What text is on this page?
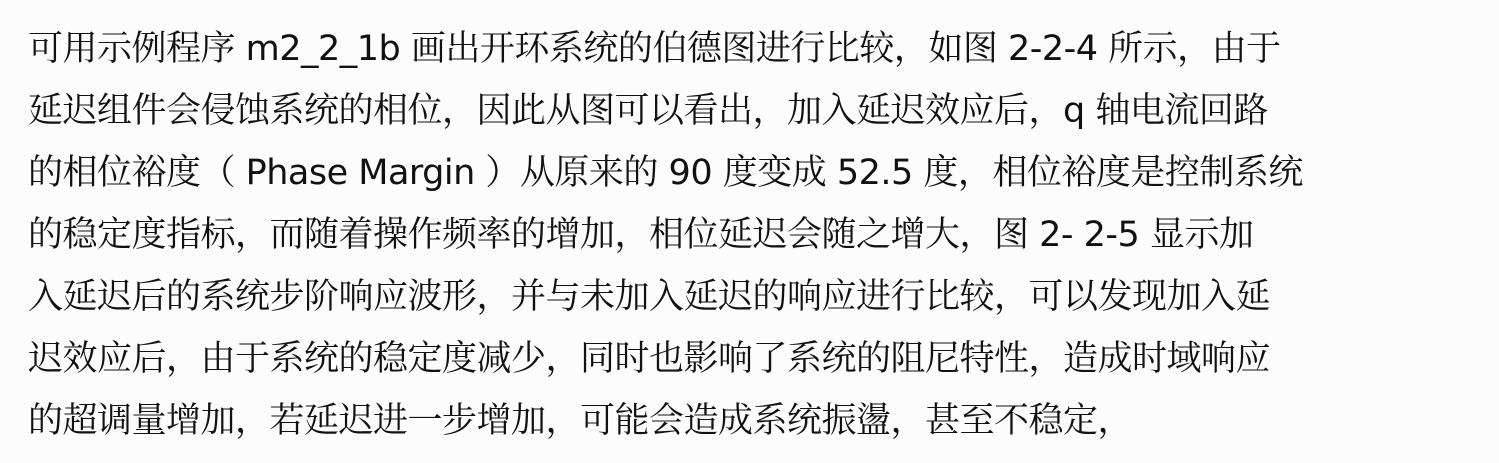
可用示例程序 m2_2_1b 画出开环系统的伯德图进行比较，如图 2-2-4 所示，由于
延迟组件会侵蚀系统的相位，因此从图可以看出，加入延迟效应后，q 轴电流回路
的相位裕度（ Phase Margin ）从原来的 90 度变成 52.5 度，相位裕度是控制系统
的稳定度指标，而随着操作频率的增加，相位延迟会随之增大，图 2- 2-5 显示加
入延迟后的系统步阶响应波形，并与未加入延迟的响应进行比较，可以发现加入延
迟效应后，由于系统的稳定度减少，同时也影响了系统的阻尼特性，造成时域响应
的超调量增加，若延迟进一步增加，可能会造成系统振盪，甚至不稳定，
